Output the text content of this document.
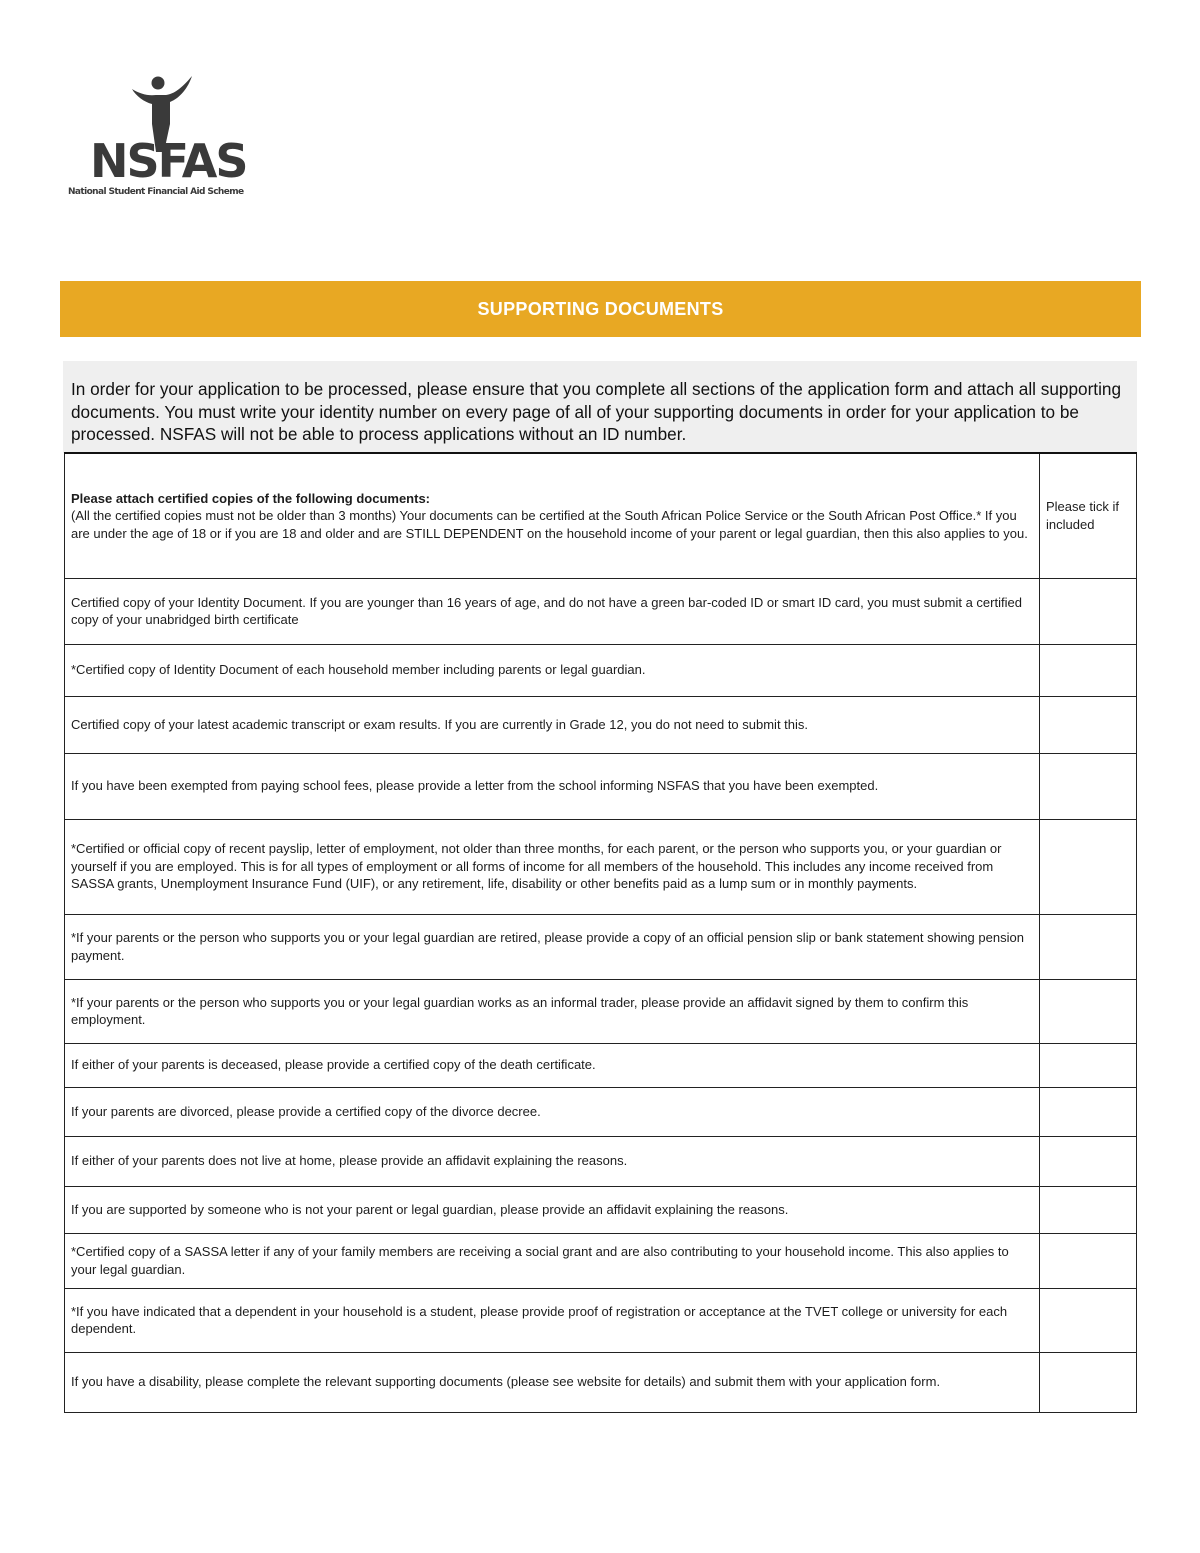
NSFAS
National Student Financial Aid Scheme
SUPPORTING DOCUMENTS
In order for your application to be processed, please ensure that you complete all sections of the application form and attach all supporting documents. You must write your identity number on every page of all of your supporting documents in order for your application to be processed. NSFAS will not be able to process applications without an ID number.
Please attach certified copies of the following documents:
(All the certified copies must not be older than 3 months) Your documents can be certified at the South African Police Service or the South African Post Office.* If you are under the age of 18 or if you are 18 and older and are STILL DEPENDENT on the household income of your parent or legal guardian, then this also applies to you.	Please tick if included
Certified copy of your Identity Document. If you are younger than 16 years of age, and do not have a green bar-coded ID or smart ID card, you must submit a certified copy of your unabridged birth certificate	

*Certified copy of Identity Document of each household member including parents or legal guardian.	

Certified copy of your latest academic transcript or exam results. If you are currently in Grade 12, you do not need to submit this.	

If you have been exempted from paying school fees, please provide a letter from the school informing NSFAS that you have been exempted.	

*Certified or official copy of recent payslip, letter of employment, not older than three months, for each parent, or the person who supports you, or your guardian or yourself if you are employed. This is for all types of employment or all forms of income for all members of the household. This includes any income received from SASSA grants, Unemployment Insurance Fund (UIF), or any retirement, life, disability or other benefits paid as a lump sum or in monthly payments.	

*If your parents or the person who supports you or your legal guardian are retired, please provide a copy of an official pension slip or bank statement showing pension payment.	

*If your parents or the person who supports you or your legal guardian works as an informal trader, please provide an affidavit signed by them to confirm this employment.	

If either of your parents is deceased, please provide a certified copy of the death certificate.	

If your parents are divorced, please provide a certified copy of the divorce decree.	

If either of your parents does not live at home, please provide an affidavit explaining the reasons.	

If you are supported by someone who is not your parent or legal guardian, please provide an affidavit explaining the reasons.	

*Certified copy of a SASSA letter if any of your family members are receiving a social grant and are also contributing to your household income. This also applies to your legal guardian.	

*If you have indicated that a dependent in your household is a student, please provide proof of registration or acceptance at the TVET college or university for each dependent.	

If you have a disability, please complete the relevant supporting documents (please see website for details) and submit them with your application form.	
